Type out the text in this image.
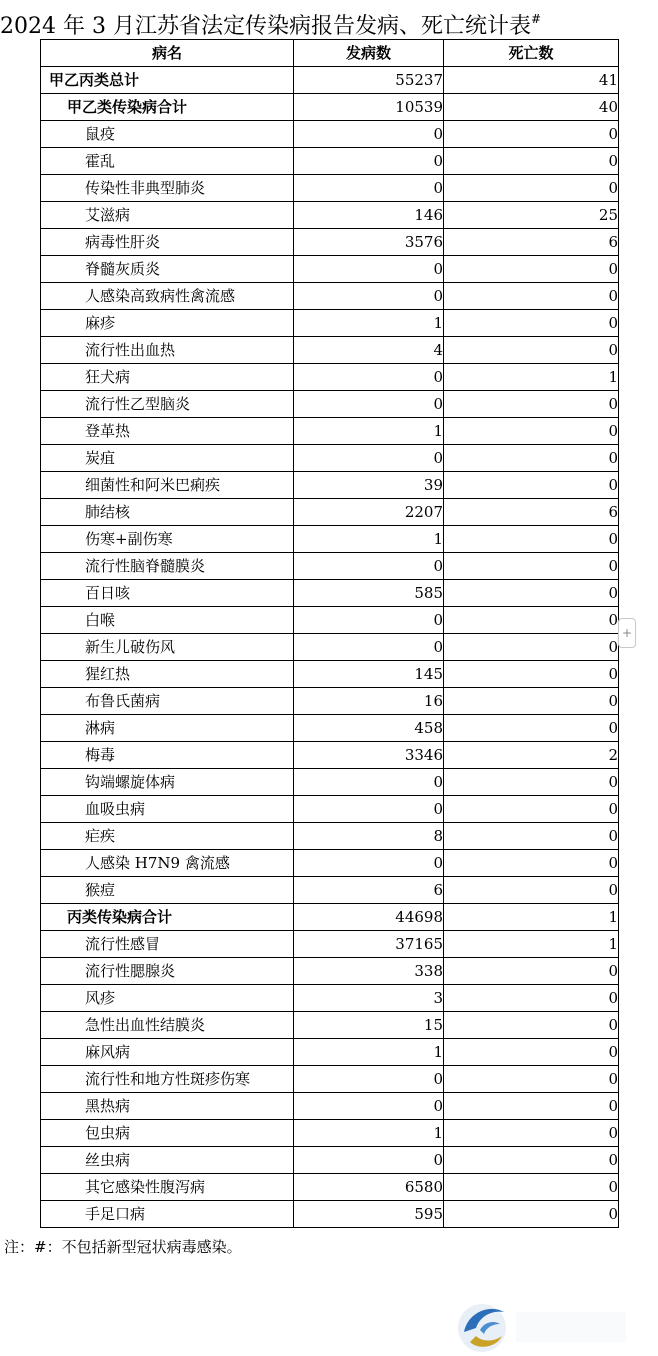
2024 年 3 月江苏省法定传染病报告发病、死亡统计表#
病名	发病数	死亡数
甲乙丙类总计	55237	41
甲乙类传染病合计	10539	40
鼠疫	0	0
霍乱	0	0
传染性非典型肺炎	0	0
艾滋病	146	25
病毒性肝炎	3576	6
脊髓灰质炎	0	0
人感染高致病性禽流感	0	0
麻疹	1	0
流行性出血热	4	0
狂犬病	0	1
流行性乙型脑炎	0	0
登革热	1	0
炭疽	0	0
细菌性和阿米巴痢疾	39	0
肺结核	2207	6
伤寒+副伤寒	1	0
流行性脑脊髓膜炎	0	0
百日咳	585	0
白喉	0	0
新生儿破伤风	0	0
猩红热	145	0
布鲁氏菌病	16	0
淋病	458	0
梅毒	3346	2
钩端螺旋体病	0	0
血吸虫病	0	0
疟疾	8	0
人感染 H7N9 禽流感	0	0
猴痘	6	0
丙类传染病合计	44698	1
流行性感冒	37165	1
流行性腮腺炎	338	0
风疹	3	0
急性出血性结膜炎	15	0
麻风病	1	0
流行性和地方性斑疹伤寒	0	0
黑热病	0	0
包虫病	1	0
丝虫病	0	0
其它感染性腹泻病	6580	0
手足口病	595	0
注：#：不包括新型冠状病毒感染。
+
